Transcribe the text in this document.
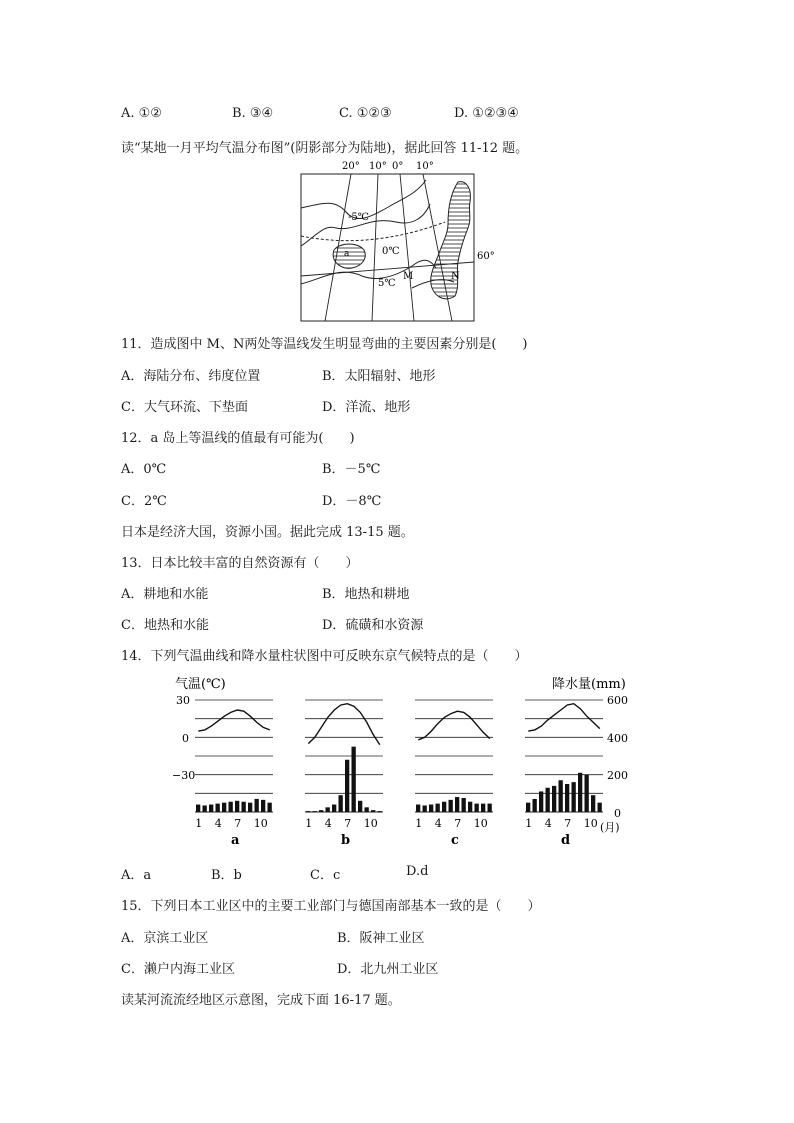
A. ①②	B. ③④	C. ①②③	D. ①②③④
读“某地一月平均气温分布图”(阴影部分为陆地)，据此回答 11-12 题。
20° 10° 0° 10°
-5℃
0℃
5℃
a
M	N
60°
11．造成图中 M、N两处等温线发生明显弯曲的主要因素分别是(　　)
A．海陆分布、纬度位置	B．太阳辐射、地形
C．大气环流、下垫面	D．洋流、地形
12．a 岛上等温线的值最有可能为(　　)
A．0℃	B．－5℃
C．2℃	D．－8℃
日本是经济大国，资源小国。据此完成 13-15 题。
13．日本比较丰富的自然资源有（　　）
A．耕地和水能	B．地热和耕地
C．地热和水能	D．硫磺和水资源
14．下列气温曲线和降水量柱状图中可反映东京气候特点的是（　　）
气温(℃)	降水量(mm)
30
0
−30
600
400
200
0
(月)
1 4 7 10
a
1 4 7 10
b
1 4 7 10
c
1 4 7 10
d
A．a	B．b	C．c	D.d
15．下列日本工业区中的主要工业部门与德国南部基本一致的是（　　）
A．京滨工业区	B．阪神工业区
C．濑户内海工业区	D．北九州工业区
读某河流流经地区示意图，完成下面 16-17 题。
